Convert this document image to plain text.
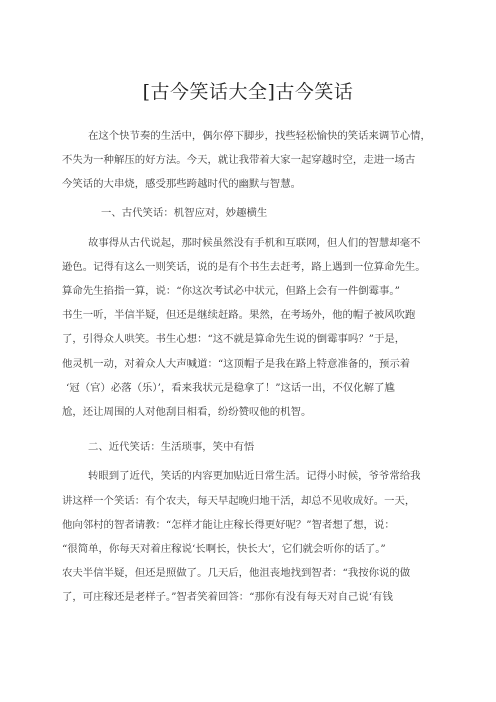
[古今笑话大全]古今笑话
在这个快节奏的生活中，偶尔停下脚步，找些轻松愉快的笑话来调节心情，
不失为一种解压的好方法。今天，就让我带着大家一起穿越时空，走进一场古
今笑话的大串烧，感受那些跨越时代的幽默与智慧。
一、古代笑话：机智应对，妙趣横生
故事得从古代说起，那时候虽然没有手机和互联网，但人们的智慧却毫不
逊色。记得有这么一则笑话，说的是有个书生去赶考，路上遇到一位算命先生。
算命先生掐指一算，说：“你这次考试必中状元，但路上会有一件倒霉事。”
书生一听，半信半疑，但还是继续赶路。果然，在考场外，他的帽子被风吹跑
了，引得众人哄笑。书生心想：“这不就是算命先生说的倒霉事吗？”于是，
他灵机一动，对着众人大声喊道：“这顶帽子是我在路上特意准备的，预示着
‘冠（官）必落（乐）’，看来我状元是稳拿了！”这话一出，不仅化解了尴
尬，还让周围的人对他刮目相看，纷纷赞叹他的机智。
二、近代笑话：生活琐事，笑中有悟
转眼到了近代，笑话的内容更加贴近日常生活。记得小时候，爷爷常给我
讲这样一个笑话：有个农夫，每天早起晚归地干活，却总不见收成好。一天，
他向邻村的智者请教：“怎样才能让庄稼长得更好呢？”智者想了想，说：
“很简单，你每天对着庄稼说‘长啊长，快长大’，它们就会听你的话了。”
农夫半信半疑，但还是照做了。几天后，他沮丧地找到智者：“我按你说的做
了，可庄稼还是老样子。”智者笑着回答：“那你有没有每天对自己说‘有钱
